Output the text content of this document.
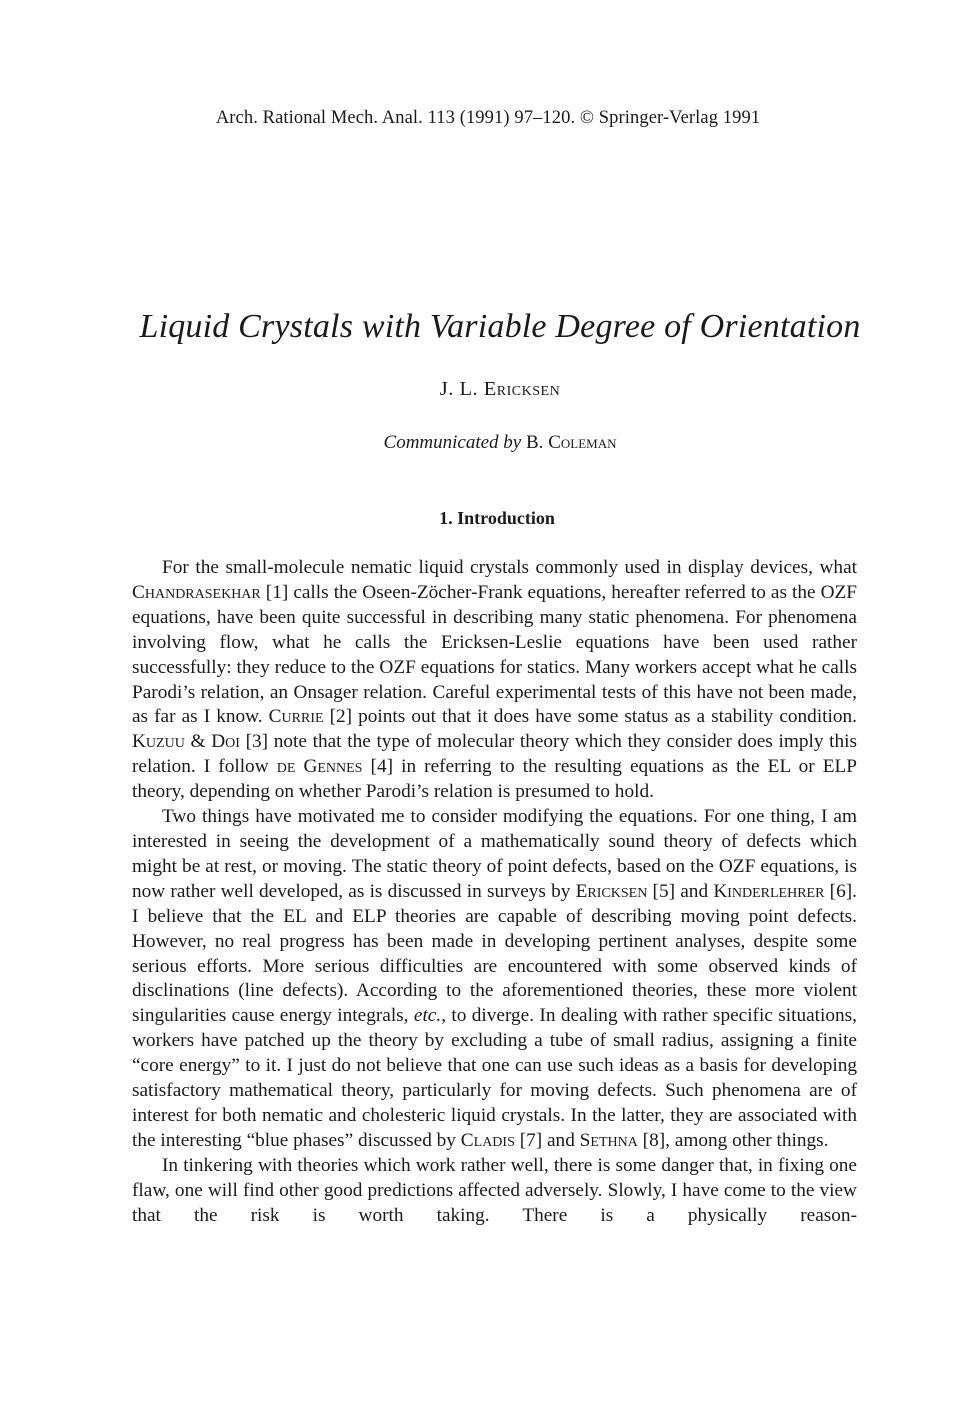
Arch. Rational Mech. Anal. 113 (1991) 97–120. © Springer-Verlag 1991
Liquid Crystals with Variable Degree of Orientation
J. L. Ericksen
Communicated by B. Coleman
1. Introduction

For the small-molecule nematic liquid crystals commonly used in display devices, what Chandrasekhar [1] calls the Oseen-Zöcher-Frank equations, hereafter referred to as the OZF equations, have been quite successful in describing many static phenomena. For phenomena involving flow, what he calls the Ericksen-Leslie equations have been used rather successfully: they reduce to the OZF equations for statics. Many workers accept what he calls Parodi’s relation, an Onsager relation. Careful experimental tests of this have not been made, as far as I know. Currie [2] points out that it does have some status as a stability condition. Kuzuu & Doi [3] note that the type of molecular theory which they consider does imply this relation. I follow de Gennes [4] in referring to the resulting equations as the EL or ELP theory, depending on whether Parodi’s relation is presumed to hold.

Two things have motivated me to consider modifying the equations. For one thing, I am interested in seeing the development of a mathematically sound theory of defects which might be at rest, or moving. The static theory of point defects, based on the OZF equations, is now rather well developed, as is discussed in surveys by Ericksen [5] and Kinderlehrer [6]. I believe that the EL and ELP theories are capable of describing moving point defects. However, no real progress has been made in developing pertinent analyses, despite some serious efforts. More serious difficulties are encountered with some observed kinds of disclinations (line defects). According to the aforementioned theories, these more violent singularities cause energy integrals, etc., to diverge. In dealing with rather specific situations, workers have patched up the theory by excluding a tube of small radius, assigning a finite “core energy” to it. I just do not believe that one can use such ideas as a basis for developing satisfactory mathematical theory, particularly for moving defects. Such phenomena are of interest for both nematic and cholesteric liquid crystals. In the latter, they are associated with the interesting “blue phases” discussed by Cladis [7] and Sethna [8], among other things.

In tinkering with theories which work rather well, there is some danger that, in fixing one flaw, one will find other good predictions affected adversely. Slowly, I have come to the view that the risk is worth taking. There is a physically reason-
